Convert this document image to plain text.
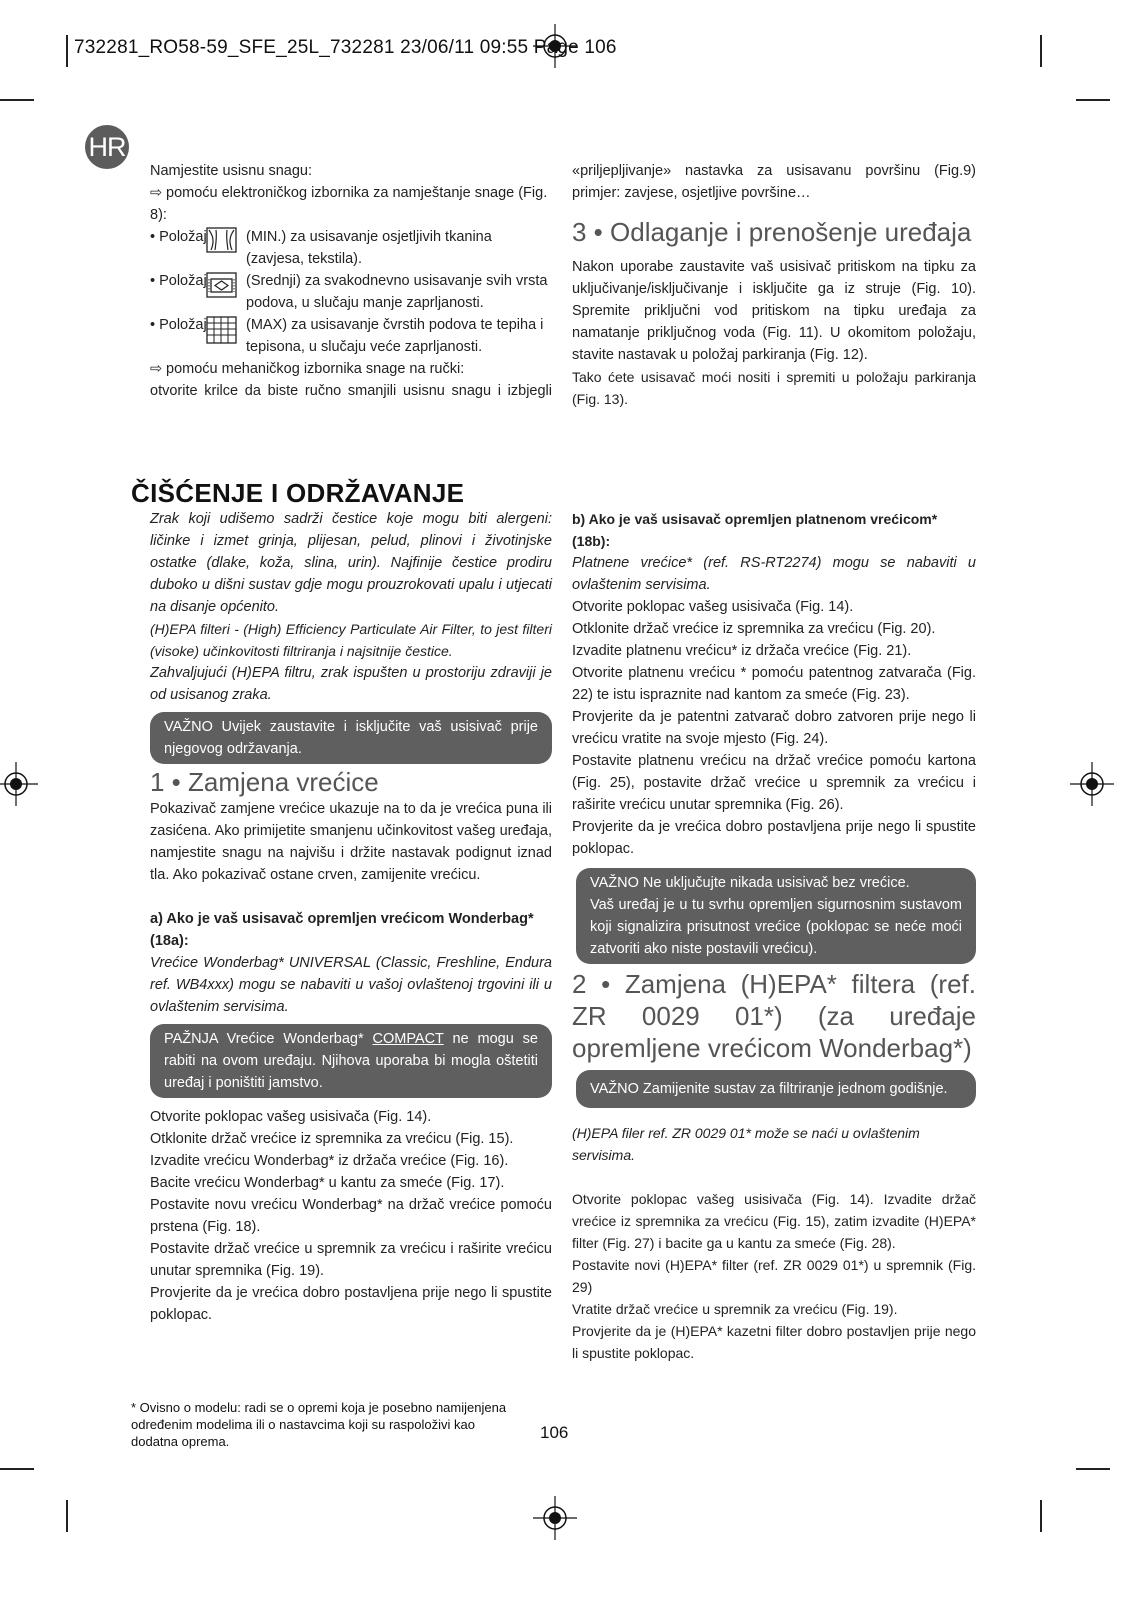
732281_RO58-59_SFE_25L_732281 23/06/11 09:55 Page 106
HR

Namjestite usisnu snagu:

⇨ pomoću elektroničkog izbornika za namještanje snage (Fig. 8):

• Položaj	(MIN.) za usisavanje osjetljivih tkanina (zavjesa, tekstila).
• Položaj	(Srednji) za svakodnevno usisavanje svih vrsta podova, u slučaju manje zaprljanosti.
• Položaj	(MAX) za usisavanje čvrstih podova te tepiha i tepisona, u slučaju veće zaprljanosti.

⇨ pomoću mehaničkog izbornika snage na ručki:

otvorite krilce da biste ručno smanjili usisnu snagu i izbjegli

«priljepljivanje» nastavka za usisavanu površinu (Fig.9) primjer: zavjese, osjetljive površine…

3 • Odlaganje i prenošenje uređaja

Nakon uporabe zaustavite vaš usisivač pritiskom na tipku za uključivanje/isključivanje i isključite ga iz struje (Fig. 10). Spremite priključni vod pritiskom na tipku uređaja za namatanje priključnog voda (Fig. 11). U okomitom položaju, stavite nastavak u položaj parkiranja (Fig. 12).

Tako ćete usisavač moći nositi i spremiti u položaju parkiranja (Fig. 13).

ČIŠĆENJE I ODRŽAVANJE

Zrak koji udišemo sadrži čestice koje mogu biti alergeni: ličinke i izmet grinja, plijesan, pelud, plinovi i životinjske ostatke (dlake, koža, slina, urin). Najfinije čestice prodiru duboko u dišni sustav gdje mogu prouzrokovati upalu i utjecati na disanje općenito.

(H)EPA filteri - (High) Efficiency Particulate Air Filter, to jest filteri (visoke) učinkovitosti filtriranja i najsitnije čestice.

Zahvaljujući (H)EPA filtru, zrak ispušten u prostoriju zdraviji je od usisanog zraka.

VAŽNO Uvijek zaustavite i isključite vaš usisivač prije njegovog održavanja.

1 • Zamjena vrećice

Pokazivač zamjene vrećice ukazuje na to da je vrećica puna ili zasićena. Ako primijetite smanjenu učinkovitost vašeg uređaja, namjestite snagu na najvišu i držite nastavak podignut iznad tla. Ako pokazivač ostane crven, zamijenite vrećicu.

a) Ako je vaš usisavač opremljen vrećicom Wonderbag* (18a):

Vrećice Wonderbag* UNIVERSAL (Classic, Freshline, Endura ref. WB4xxx) mogu se nabaviti u vašoj ovlaštenoj trgovini ili u ovlaštenim servisima.

PAŽNJA Vrećice Wonderbag* COMPACT ne mogu se rabiti na ovom uređaju. Njihova uporaba bi mogla oštetiti uređaj i poništiti jamstvo.

Otvorite poklopac vašeg usisivača (Fig. 14).

Otklonite držač vrećice iz spremnika za vrećicu (Fig. 15).

Izvadite vrećicu Wonderbag* iz držača vrećice (Fig. 16).

Bacite vrećicu Wonderbag* u kantu za smeće (Fig. 17).

Postavite novu vrećicu Wonderbag* na držač vrećice pomoću prstena (Fig. 18).

Postavite držač vrećice u spremnik za vrećicu i raširite vrećicu unutar spremnika (Fig. 19).

Provjerite da je vrećica dobro postavljena prije nego li spustite poklopac.

b) Ako je vaš usisavač opremljen platnenom vrećicom* (18b):

Platnene vrećice* (ref. RS-RT2274) mogu se nabaviti u ovlaštenim servisima.

Otvorite poklopac vašeg usisivača (Fig. 14).

Otklonite držač vrećice iz spremnika za vrećicu (Fig. 20).

Izvadite platnenu vrećicu* iz držača vrećice (Fig. 21).

Otvorite platnenu vrećicu * pomoću patentnog zatvarača (Fig. 22) te istu ispraznite nad kantom za smeće (Fig. 23).

Provjerite da je patentni zatvarač dobro zatvoren prije nego li vrećicu vratite na svoje mjesto (Fig. 24).

Postavite platnenu vrećicu na držač vrećice pomoću kartona (Fig. 25), postavite držač vrećice u spremnik za vrećicu i raširite vrećicu unutar spremnika (Fig. 26).

Provjerite da je vrećica dobro postavljena prije nego li spustite poklopac.

VAŽNO Ne uključujte nikada usisivač bez vrećice.
Vaš uređaj je u tu svrhu opremljen sigurnosnim sustavom koji signalizira prisutnost vrećice (poklopac se neće moći zatvoriti ako niste postavili vrećicu).

2 • Zamjena (H)EPA* filtera (ref. ZR 0029 01*) (za uređaje opremljene vrećicom Wonderbag*)

VAŽNO Zamijenite sustav za filtriranje jednom godišnje.

(H)EPA filer ref. ZR 0029 01* može se naći u ovlaštenim servisima.

Otvorite poklopac vašeg usisivača (Fig. 14). Izvadite držač vrećice iz spremnika za vrećicu (Fig. 15), zatim izvadite (H)EPA* filter (Fig. 27) i bacite ga u kantu za smeće (Fig. 28).

Postavite novi (H)EPA* filter (ref. ZR 0029 01*) u spremnik (Fig. 29)

Vratite držač vrećice u spremnik za vrećicu (Fig. 19).

Provjerite da je (H)EPA* kazetni filter dobro postavljen prije nego li spustite poklopac.

* Ovisno o modelu: radi se o opremi koja je posebno namijenjena određenim modelima ili o nastavcima koji su raspoloživi kao dodatna oprema.	106
